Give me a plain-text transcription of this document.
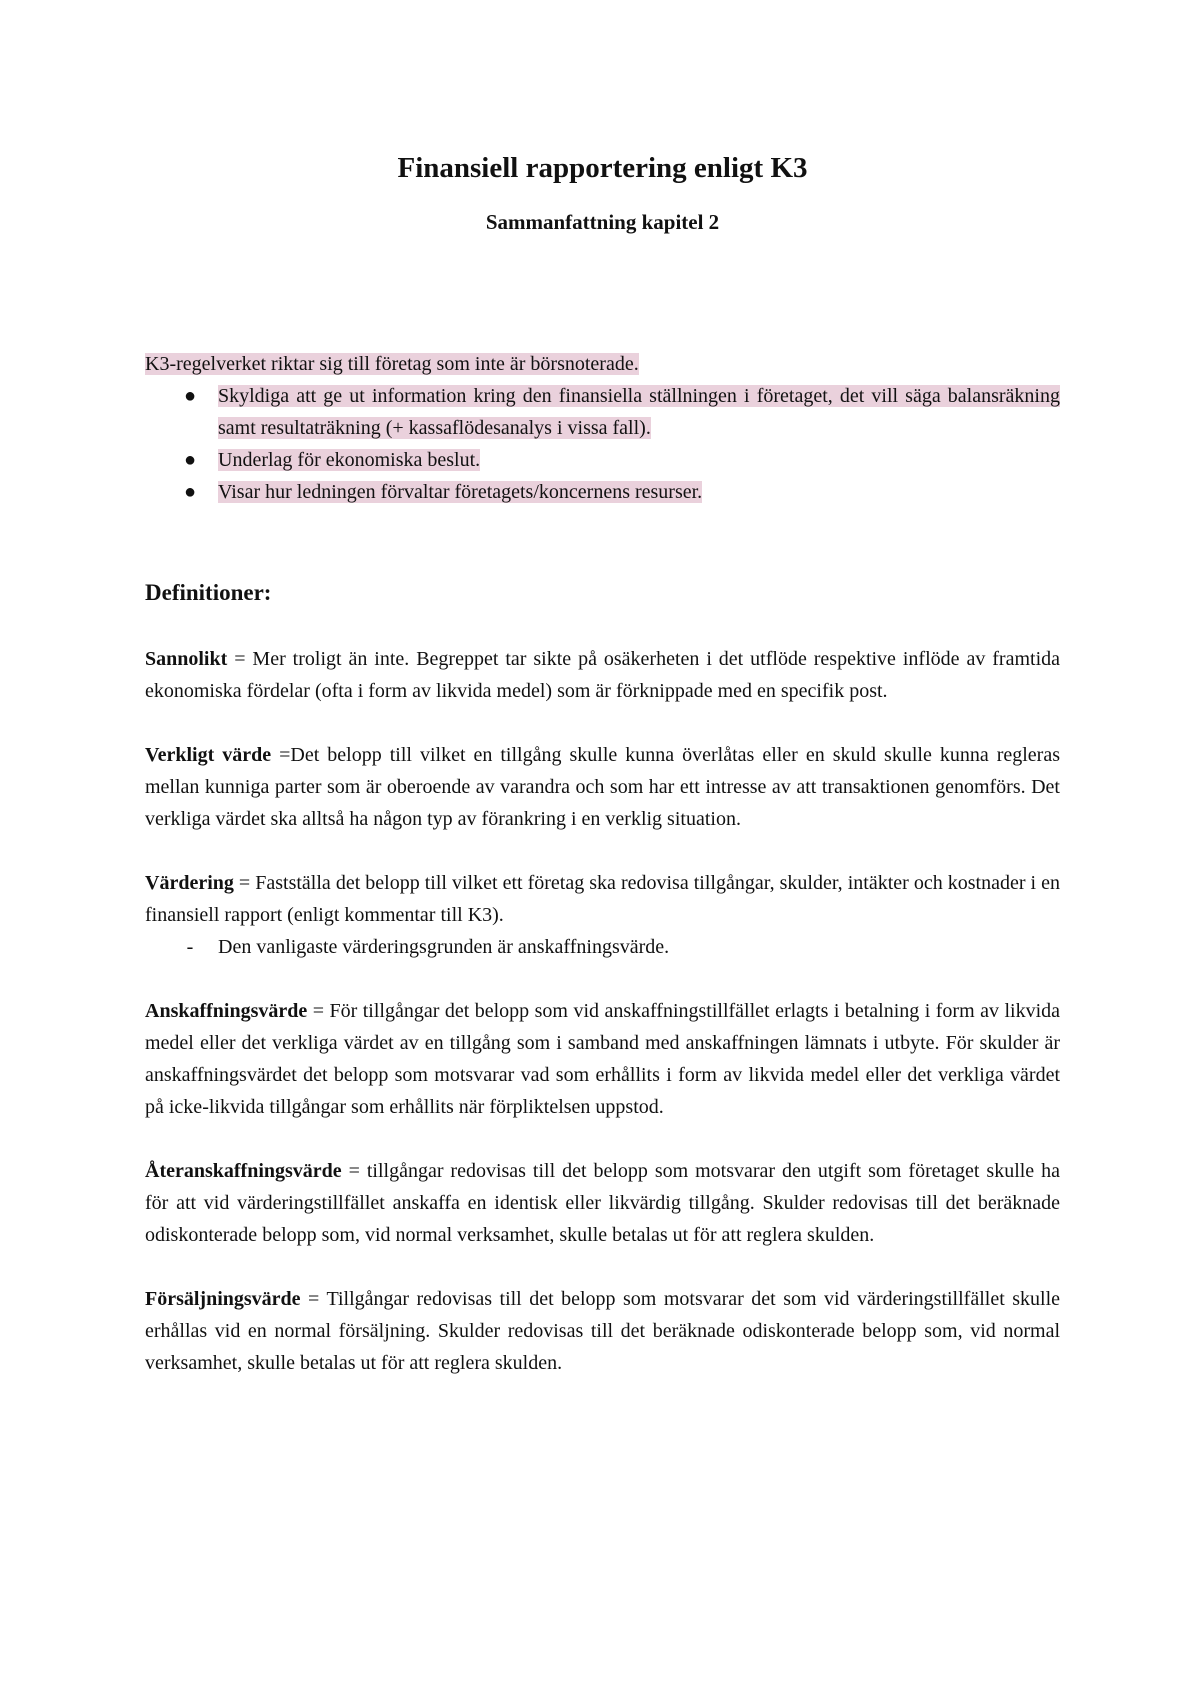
Finansiell rapportering enligt K3
Sammanfattning kapitel 2
K3-regelverket riktar sig till företag som inte är börsnoterade.
● Skyldiga att ge ut information kring den finansiella ställningen i företaget, det vill säga balansräkning samt resultaträkning (+ kassaflödesanalys i vissa fall).
● Underlag för ekonomiska beslut.
● Visar hur ledningen förvaltar företagets/koncernens resurser.
Definitioner:

Sannolikt = Mer troligt än inte. Begreppet tar sikte på osäkerheten i det utflöde respektive inflöde av framtida ekonomiska fördelar (ofta i form av likvida medel) som är förknippade med en specifik post.

Verkligt värde =Det belopp till vilket en tillgång skulle kunna överlåtas eller en skuld skulle kunna regleras mellan kunniga parter som är oberoende av varandra och som har ett intresse av att transaktionen genomförs. Det verkliga värdet ska alltså ha någon typ av förankring i en verklig situation.

Värdering = Fastställa det belopp till vilket ett företag ska redovisa tillgångar, skulder, intäkter och kostnader i en finansiell rapport (enligt kommentar till K3).

- Den vanligaste värderingsgrunden är anskaffningsvärde.

Anskaffningsvärde = För tillgångar det belopp som vid anskaffningstillfället erlagts i betalning i form av likvida medel eller det verkliga värdet av en tillgång som i samband med anskaffningen lämnats i utbyte. För skulder är anskaffningsvärdet det belopp som motsvarar vad som erhållits i form av likvida medel eller det verkliga värdet på icke-likvida tillgångar som erhållits när förpliktelsen uppstod.

Återanskaffningsvärde = tillgångar redovisas till det belopp som motsvarar den utgift som företaget skulle ha för att vid värderingstillfället anskaffa en identisk eller likvärdig tillgång. Skulder redovisas till det beräknade odiskonterade belopp som, vid normal verksamhet, skulle betalas ut för att reglera skulden.

Försäljningsvärde = Tillgångar redovisas till det belopp som motsvarar det som vid värderingstillfället skulle erhållas vid en normal försäljning. Skulder redovisas till det beräknade odiskonterade belopp som, vid normal verksamhet, skulle betalas ut för att reglera skulden.
